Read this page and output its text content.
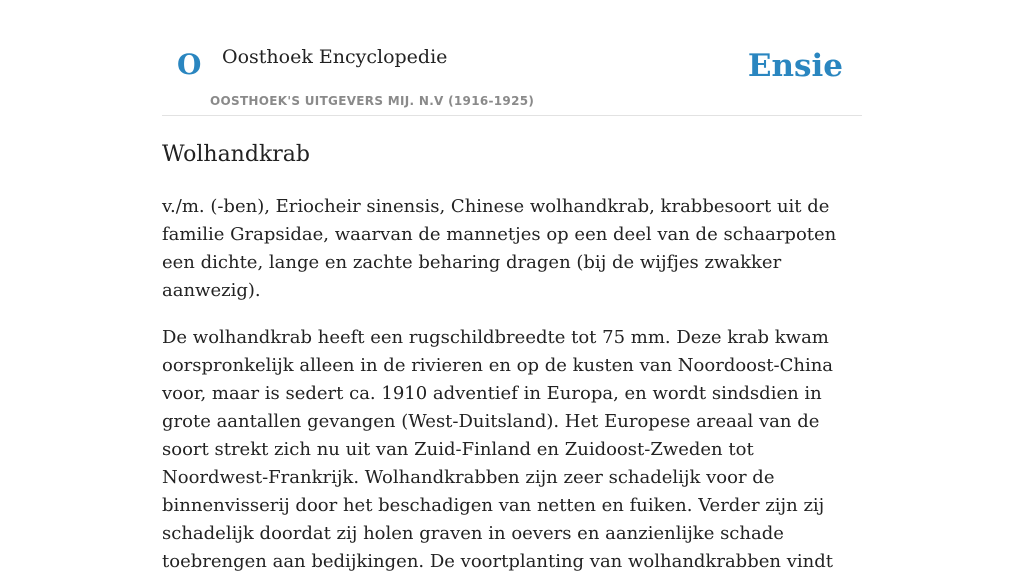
O Oosthoek Encyclopedie
OOSTHOEK'S UITGEVERS MIJ. N.V (1916-1925)
Ensie
Wolhandkrab

v./m. (-ben), Eriocheir sinensis, Chinese wolhandkrab, krabbesoort uit de familie Grapsidae, waarvan de mannetjes op een deel van de schaarpoten een dichte, lange en zachte beharing dragen (bij de wijfjes zwakker aanwezig).

De wolhandkrab heeft een rugschildbreedte tot 75 mm. Deze krab kwam oorspronkelijk alleen in de rivieren en op de kusten van Noordoost-China voor, maar is sedert ca. 1910 adventief in Europa, en wordt sindsdien in grote aantallen gevangen (West-Duitsland). Het Europese areaal van de soort strekt zich nu uit van Zuid-Finland en Zuidoost-Zweden tot Noordwest-Frankrijk. Wolhandkrabben zijn zeer schadelijk voor de binnenvisserij door het beschadigen van netten en fuiken. Verder zijn zij schadelijk doordat zij holen graven in oevers en aanzienlijke schade toebrengen aan bedijkingen. De voortplanting van wolhandkrabben vindt
